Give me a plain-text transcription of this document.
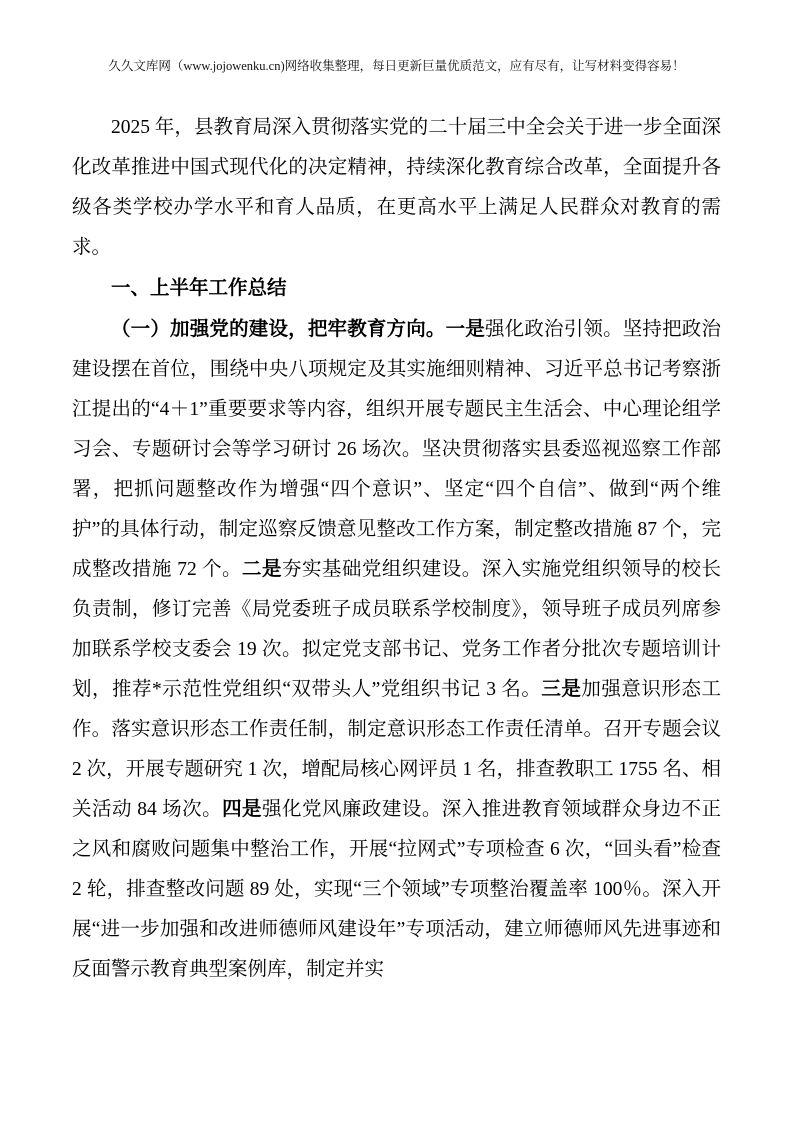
久久文库网（www.jojowenku.cn)网络收集整理，每日更新巨量优质范文，应有尽有，让写材料变得容易！

2025 年，县教育局深入贯彻落实党的二十届三中全会关于进一步全面深化改革推进中国式现代化的决定精神，持续深化教育综合改革，全面提升各级各类学校办学水平和育人品质，在更高水平上满足人民群众对教育的需求。

一、上半年工作总结

（一）加强党的建设，把牢教育方向。一是强化政治引领。坚持把政治建设摆在首位，围绕中央八项规定及其实施细则精神、习近平总书记考察浙江提出的“4＋1”重要要求等内容，组织开展专题民主生活会、中心理论组学习会、专题研讨会等学习研讨 26 场次。坚决贯彻落实县委巡视巡察工作部署，把抓问题整改作为增强“四个意识”、坚定“四个自信”、做到“两个维护”的具体行动，制定巡察反馈意见整改工作方案，制定整改措施 87 个，完成整改措施 72 个。二是夯实基础党组织建设。深入实施党组织领导的校长负责制，修订完善《局党委班子成员联系学校制度》，领导班子成员列席参加联系学校支委会 19 次。拟定党支部书记、党务工作者分批次专题培训计划，推荐*示范性党组织“双带头人”党组织书记 3 名。三是加强意识形态工作。落实意识形态工作责任制，制定意识形态工作责任清单。召开专题会议 2 次，开展专题研究 1 次，增配局核心网评员 1 名，排查教职工 1755 名、相关活动 84 场次。四是强化党风廉政建设。深入推进教育领域群众身边不正之风和腐败问题集中整治工作，开展“拉网式”专项检查 6 次，“回头看”检查 2 轮，排查整改问题 89 处，实现“三个领域”专项整治覆盖率 100％。深入开展“进一步加强和改进师德师风建设年”专项活动，建立师德师风先进事迹和反面警示教育典型案例库，制定并实
